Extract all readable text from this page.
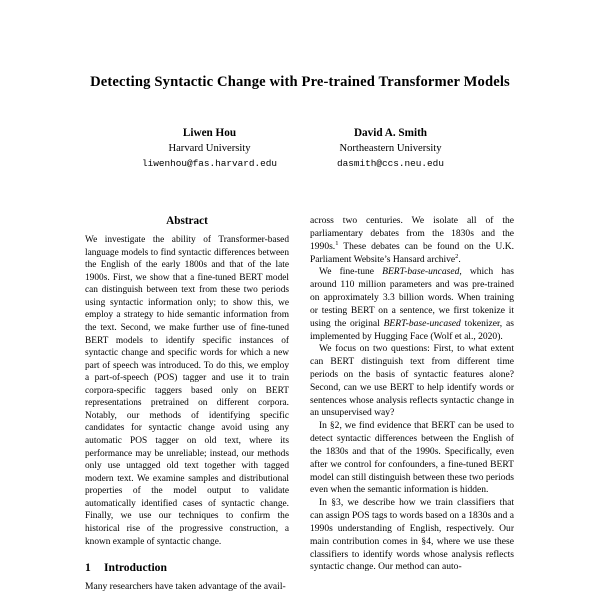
Detecting Syntactic Change with Pre-trained Transformer Models
Liwen Hou
Harvard University
liwenhou@fas.harvard.edu
David A. Smith
Northeastern University
dasmith@ccs.neu.edu
Abstract

We investigate the ability of Transformer-based language models to find syntactic differences between the English of the early 1800s and that of the late 1900s. First, we show that a fine-tuned BERT model can distinguish between text from these two periods using syntactic information only; to show this, we employ a strategy to hide semantic information from the text. Second, we make further use of fine-tuned BERT models to identify specific instances of syntactic change and specific words for which a new part of speech was introduced. To do this, we employ a part-of-speech (POS) tagger and use it to train corpora-specific taggers based only on BERT representations pretrained on different corpora. Notably, our methods of identifying specific candidates for syntactic change avoid using any automatic POS tagger on old text, where its performance may be unreliable; instead, our methods only use untagged old text together with tagged modern text. We examine samples and distributional properties of the model output to validate automatically identified cases of syntactic change. Finally, we use our techniques to confirm the historical rise of the progressive construction, a known example of syntactic change.

1	Introduction

Many researchers have taken advantage of the avail-

across two centuries. We isolate all of the parliamentary debates from the 1830s and the 1990s.$^1$ These debates can be found on the U.K. Parliament Website’s Hansard archive$^2$.

We fine-tune BERT-base-uncased, which has around 110 million parameters and was pre-trained on approximately 3.3 billion words. When training or testing BERT on a sentence, we first tokenize it using the original BERT-base-uncased tokenizer, as implemented by Hugging Face (Wolf et al., 2020).

We focus on two questions: First, to what extent can BERT distinguish text from different time periods on the basis of syntactic features alone? Second, can we use BERT to help identify words or sentences whose analysis reflects syntactic change in an unsupervised way?

In §2, we find evidence that BERT can be used to detect syntactic differences between the English of the 1830s and that of the 1990s. Specifically, even after we control for confounders, a fine-tuned BERT model can still distinguish between these two periods even when the semantic information is hidden.

In §3, we describe how we train classifiers that can assign POS tags to words based on a 1830s and a 1990s understanding of English, respectively. Our main contribution comes in §4, where we use these classifiers to identify words whose analysis reflects syntactic change. Our method can auto-
